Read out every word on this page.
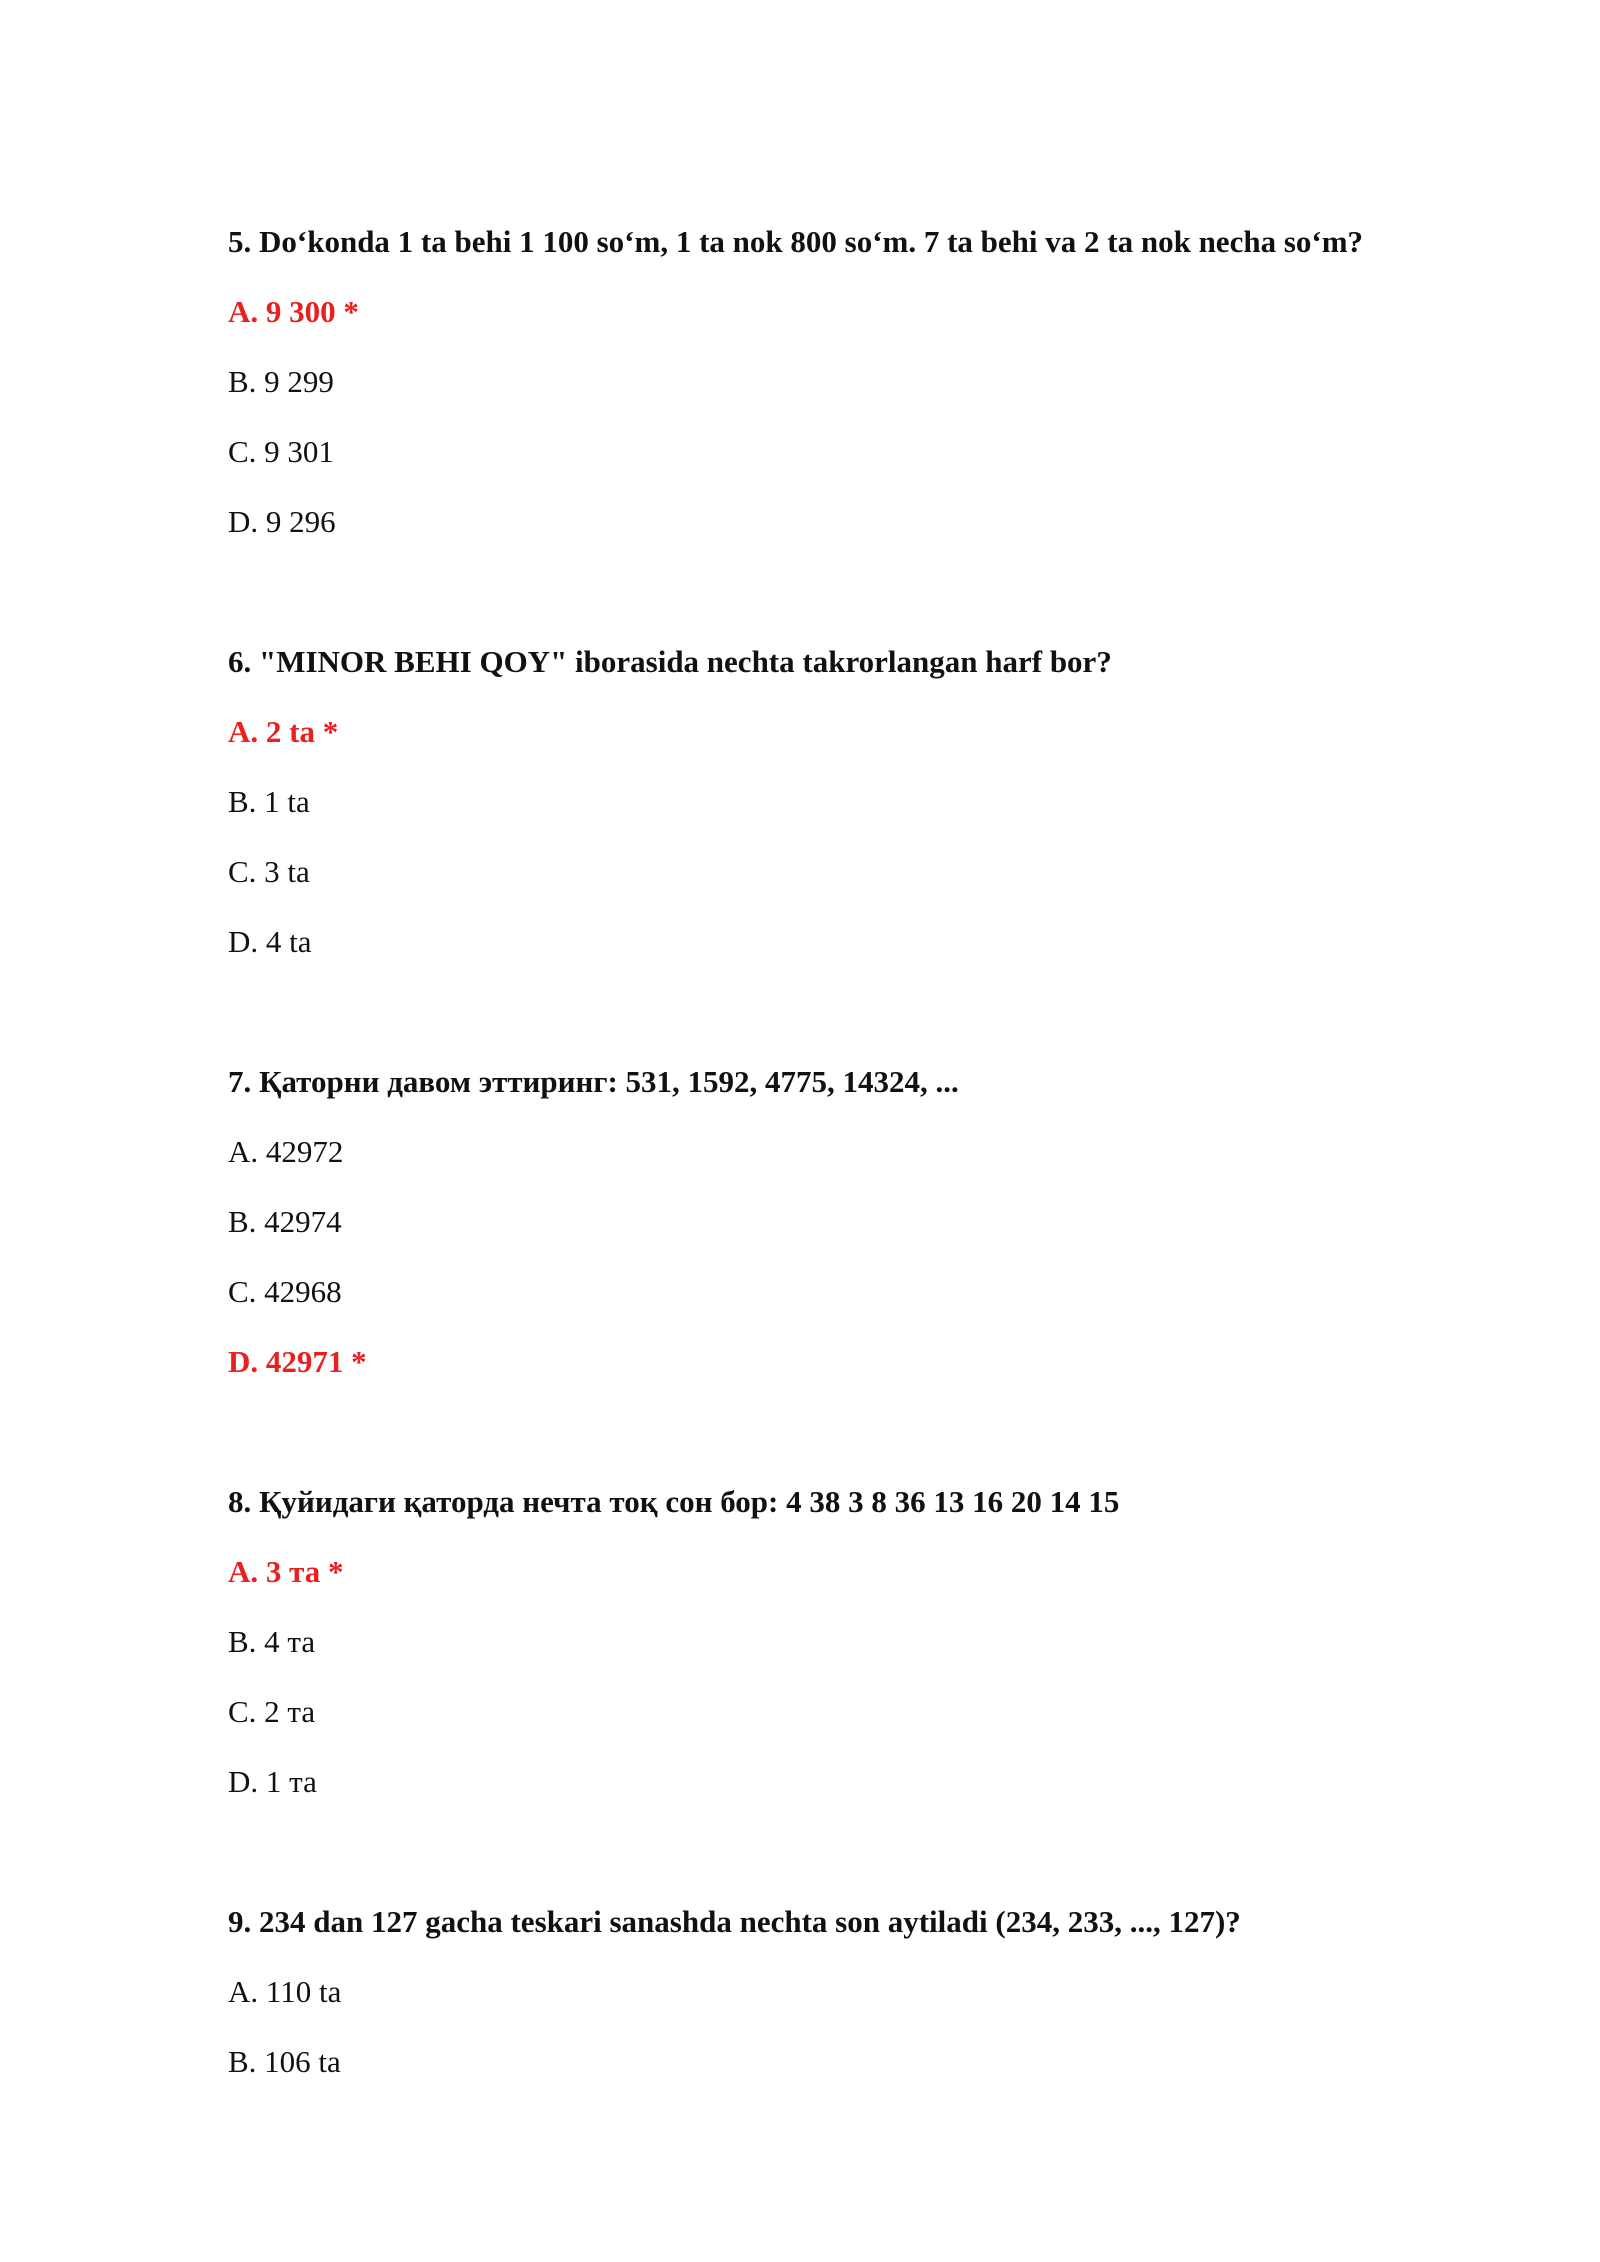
5. Do‘konda 1 ta behi 1 100 so‘m, 1 ta nok 800 so‘m. 7 ta behi va 2 ta nok necha so‘m?
A. 9 300 *
B. 9 299
C. 9 301
D. 9 296
6. "MINOR BEHI QOY" iborasida nechta takrorlangan harf bor?
A. 2 ta *
B. 1 ta
C. 3 ta
D. 4 ta
7. Қаторни давом эттиринг: 531, 1592, 4775, 14324, ...
A. 42972
B. 42974
C. 42968
D. 42971 *
8. Қуйидаги қаторда нечта тоқ сон бор: 4 38 3 8 36 13 16 20 14 15
A. 3 та *
B. 4 та
C. 2 та
D. 1 та
9. 234 dan 127 gacha teskari sanashda nechta son aytiladi (234, 233, ..., 127)?
A. 110 ta
B. 106 ta
